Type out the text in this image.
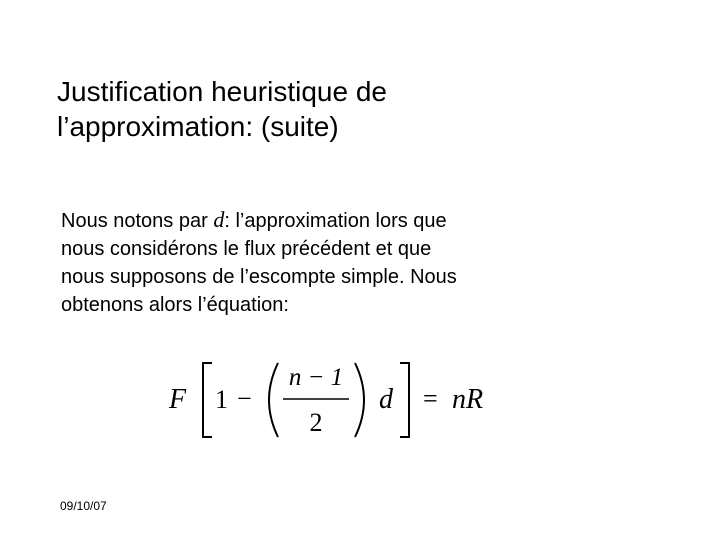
Justification heuristique de
l’approximation: (suite)
Nous notons par d: l’approximation lors que
nous considérons le flux précédent et que
nous supposons de l’escompte simple. Nous
obtenons alors l’équation:
F 1 −
n − 1
2
d = nR
09/10/07
